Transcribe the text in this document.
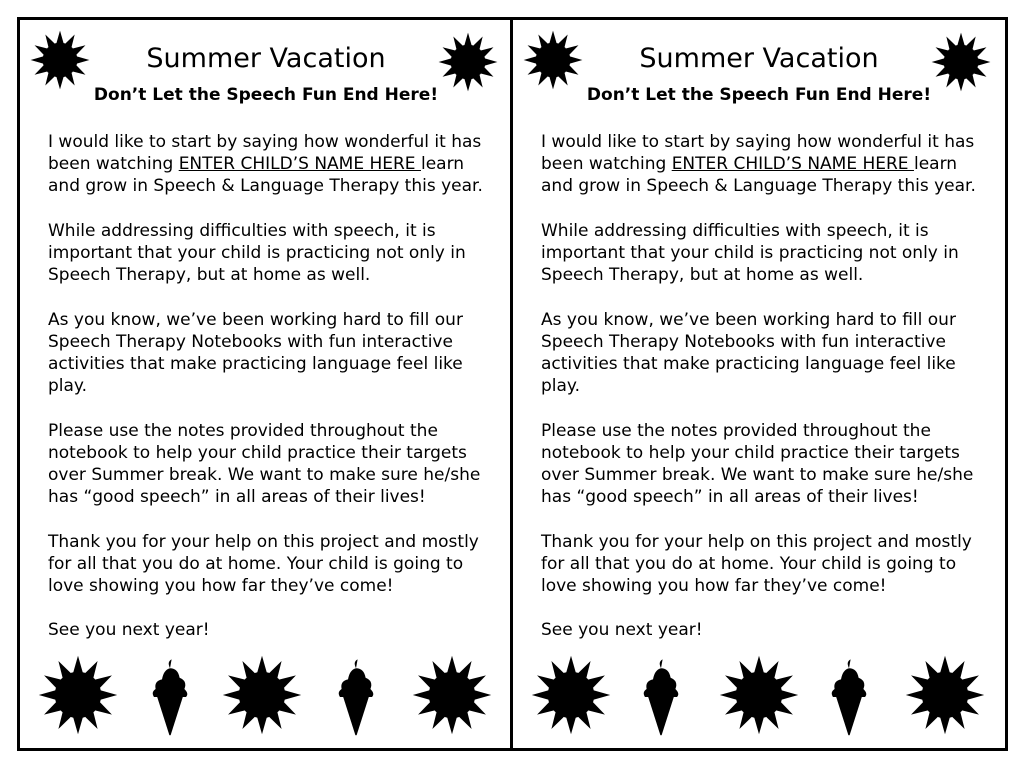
Summer Vacation
Don’t Let the Speech Fun End Here!

I would like to start by saying how wonderful it has been watching ENTER CHILD’S NAME HERE learn and grow in Speech & Language Therapy this year.

While addressing difficulties with speech, it is important that your child is practicing not only in Speech Therapy, but at home as well.

As you know, we’ve been working hard to fill our Speech Therapy Notebooks with fun interactive activities that make practicing language feel like play.

Please use the notes provided throughout the notebook to help your child practice their targets over Summer break. We want to make sure he/she has “good speech” in all areas of their lives!

Thank you for your help on this project and mostly for all that you do at home. Your child is going to love showing you how far they’ve come!

See you next year!

Summer Vacation
Don’t Let the Speech Fun End Here!

I would like to start by saying how wonderful it has been watching ENTER CHILD’S NAME HERE learn and grow in Speech & Language Therapy this year.

While addressing difficulties with speech, it is important that your child is practicing not only in Speech Therapy, but at home as well.

As you know, we’ve been working hard to fill our Speech Therapy Notebooks with fun interactive activities that make practicing language feel like play.

Please use the notes provided throughout the notebook to help your child practice their targets over Summer break. We want to make sure he/she has “good speech” in all areas of their lives!

Thank you for your help on this project and mostly for all that you do at home. Your child is going to love showing you how far they’ve come!

See you next year!
